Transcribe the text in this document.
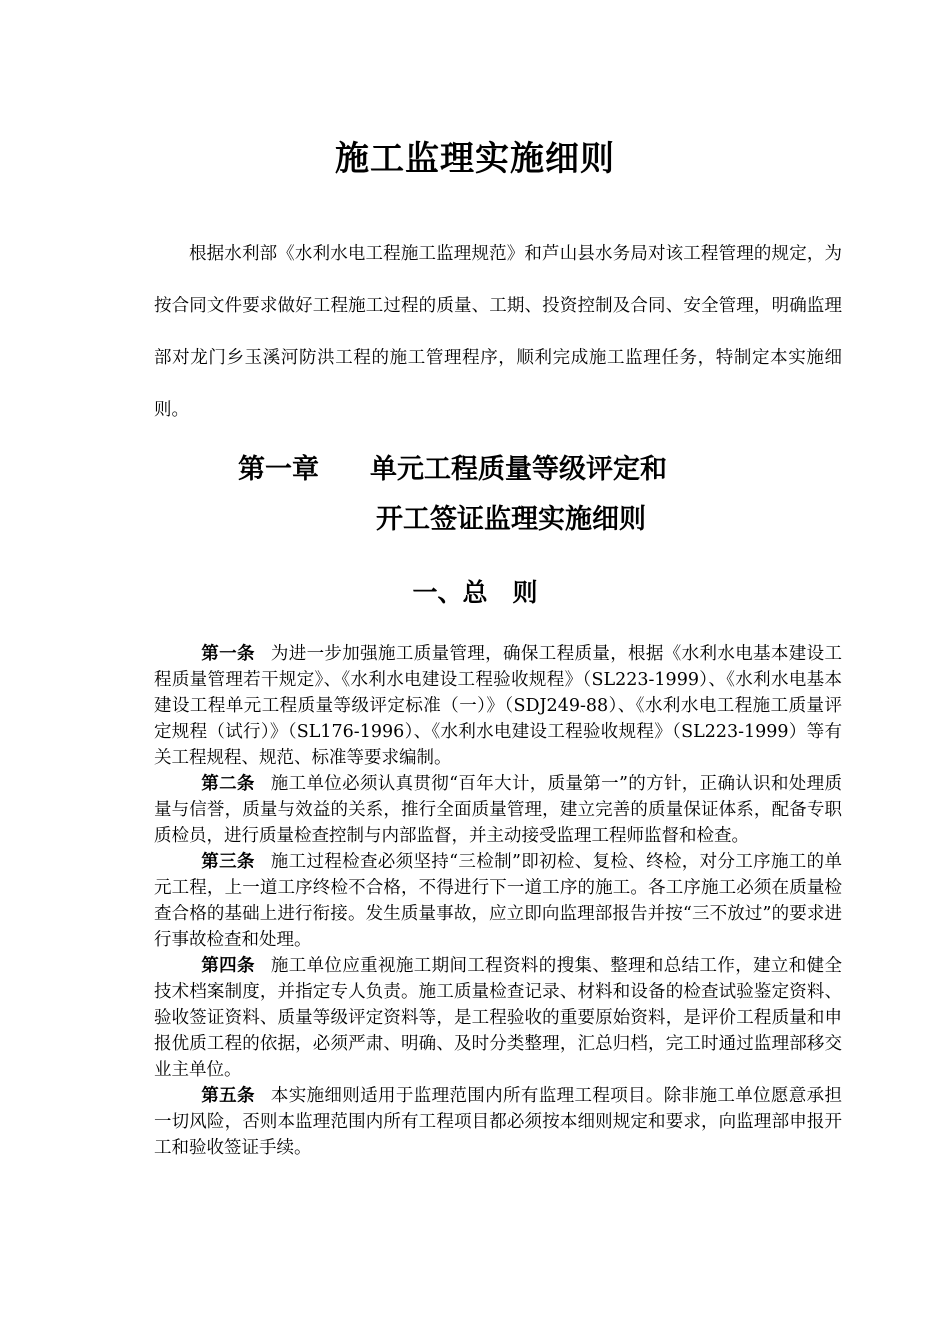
施工监理实施细则

根据水利部《水利水电工程施工监理规范》和芦山县水务局对该工程管理的规定，为按合同文件要求做好工程施工过程的质量、工期、投资控制及合同、安全管理，明确监理部对龙门乡玉溪河防洪工程的施工管理程序，顺利完成施工监理任务，特制定本实施细则。

第一章 单元工程质量等级评定和
开工签证监理实施细则
一、总　则

第一条 为进一步加强施工质量管理，确保工程质量，根据《水利水电基本建设工程质量管理若干规定》、《水利水电建设工程验收规程》（SL223-1999）、《水利水电基本建设工程单元工程质量等级评定标准（一）》（SDJ249-88）、《水利水电工程施工质量评定规程（试行）》（SL176-1996）、《水利水电建设工程验收规程》（SL223-1999）等有关工程规程、规范、标准等要求编制。

第二条 施工单位必须认真贯彻“百年大计，质量第一”的方针，正确认识和处理质量与信誉，质量与效益的关系，推行全面质量管理，建立完善的质量保证体系，配备专职质检员，进行质量检查控制与内部监督，并主动接受监理工程师监督和检查。

第三条 施工过程检查必须坚持“三检制”即初检、复检、终检，对分工序施工的单元工程，上一道工序终检不合格，不得进行下一道工序的施工。各工序施工必须在质量检查合格的基础上进行衔接。发生质量事故，应立即向监理部报告并按“三不放过”的要求进行事故检查和处理。

第四条 施工单位应重视施工期间工程资料的搜集、整理和总结工作，建立和健全技术档案制度，并指定专人负责。施工质量检查记录、材料和设备的检查试验鉴定资料、验收签证资料、质量等级评定资料等，是工程验收的重要原始资料，是评价工程质量和申报优质工程的依据，必须严肃、明确、及时分类整理，汇总归档，完工时通过监理部移交业主单位。

第五条 本实施细则适用于监理范围内所有监理工程项目。除非施工单位愿意承担一切风险，否则本监理范围内所有工程项目都必须按本细则规定和要求，向监理部申报开工和验收签证手续。
